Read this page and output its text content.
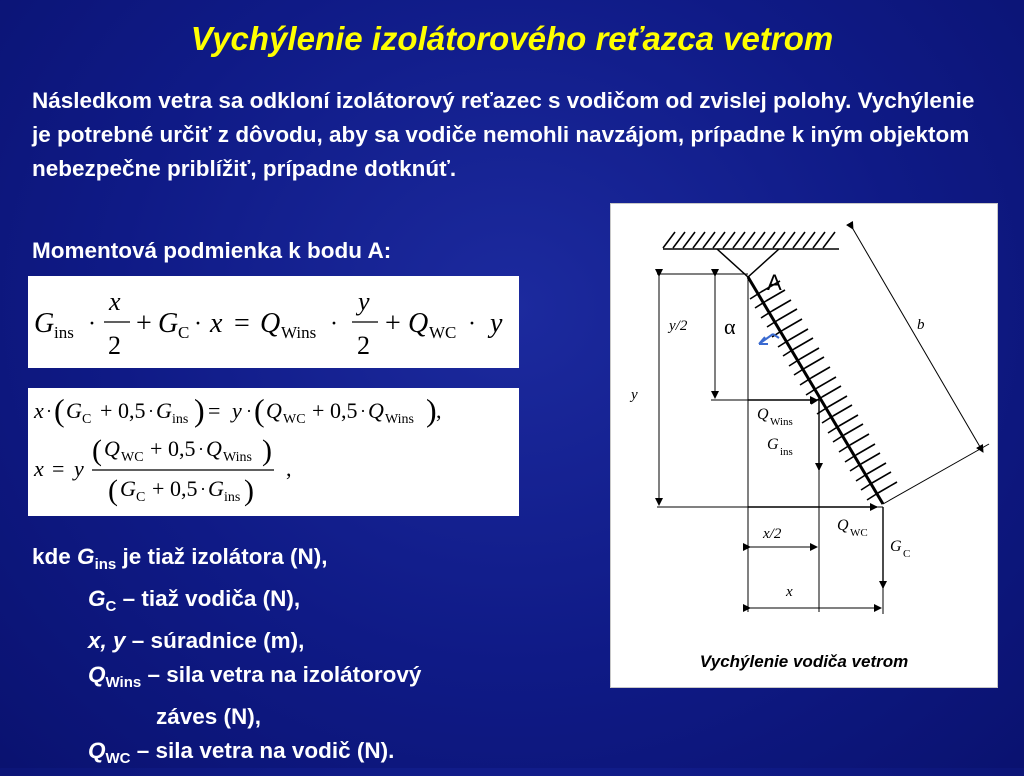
Vychýlenie izolátorového reťazca vetrom
Následkom vetra sa odkloní izolátorový reťazec s vodičom od zvislej polohy. Vychýlenie je potrebné určiť z dôvodu, aby sa vodiče nemohli navzájom, prípadne k iným objektom nebezpečne priblížiť, prípadne dotknúť.
Momentová podmienka k bodu A:
G ins ·
x
2
+ G C · x = Q Wins ·
y
2
+ Q WC · y
x · ( G C + 0,5 · G ins ) = y · ( Q WC + 0,5 · Q Wins ) ,
x = y
( Q WC + 0,5 · Q Wins )
( G C + 0,5 · G ins )
,
kde $G_{ins}$ je tiaž izolátora (N),
$G_C$ – tiaž vodiča (N),
x, y – súradnice (m),
$Q_{Wins}$ – sila vetra na izolátorový
záves (N),
$Q_{WC}$ – sila vetra na vodič (N).
A
α	b
y
y/2
Q Wins
G ins
Q WC
G C
x/2
x
Vychýlenie vodiča vetrom
